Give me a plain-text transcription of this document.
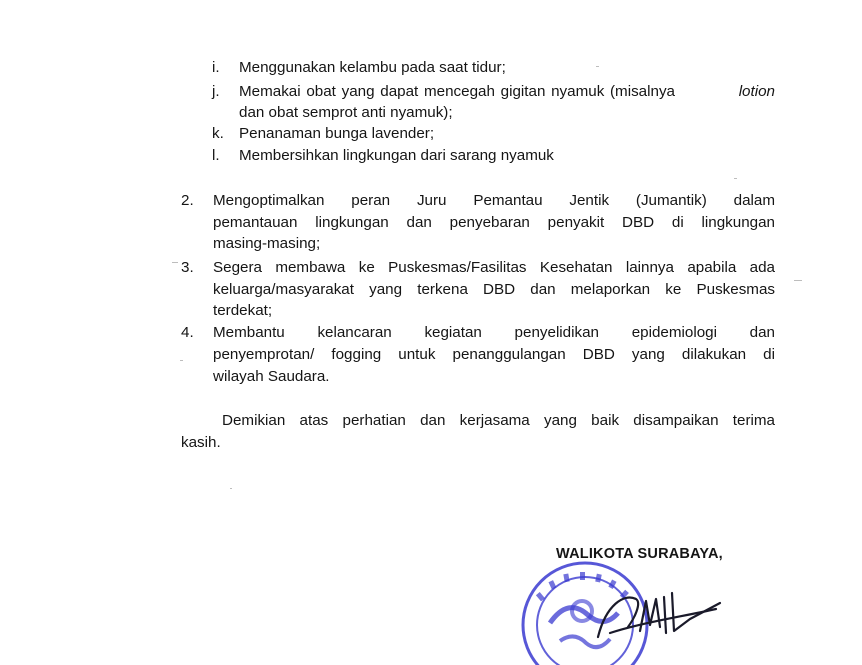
i. Menggunakan kelambu pada saat tidur;
j. Memakai obat yang dapat mencegah gigitan nyamuk (misalnya	lotion
dan obat semprot anti nyamuk);
k. Penanaman bunga lavender;
l. Membersihkan lingkungan dari sarang nyamuk
2. Mengoptimalkan peran Juru Pemantau Jentik (Jumantik) dalam
pemantauan lingkungan dan penyebaran penyakit DBD di lingkungan
masing-masing;
3. Segera membawa ke Puskesmas/Fasilitas Kesehatan lainnya apabila ada
keluarga/masyarakat yang terkena DBD dan melaporkan ke Puskesmas
terdekat;
4. Membantu kelancaran kegiatan penyelidikan epidemiologi dan
penyemprotan/ fogging untuk penanggulangan DBD yang dilakukan di
wilayah Saudara.
Demikian atas perhatian dan kerjasama yang baik disampaikan terima
kasih.
WALIKOTA SURABAYA,
